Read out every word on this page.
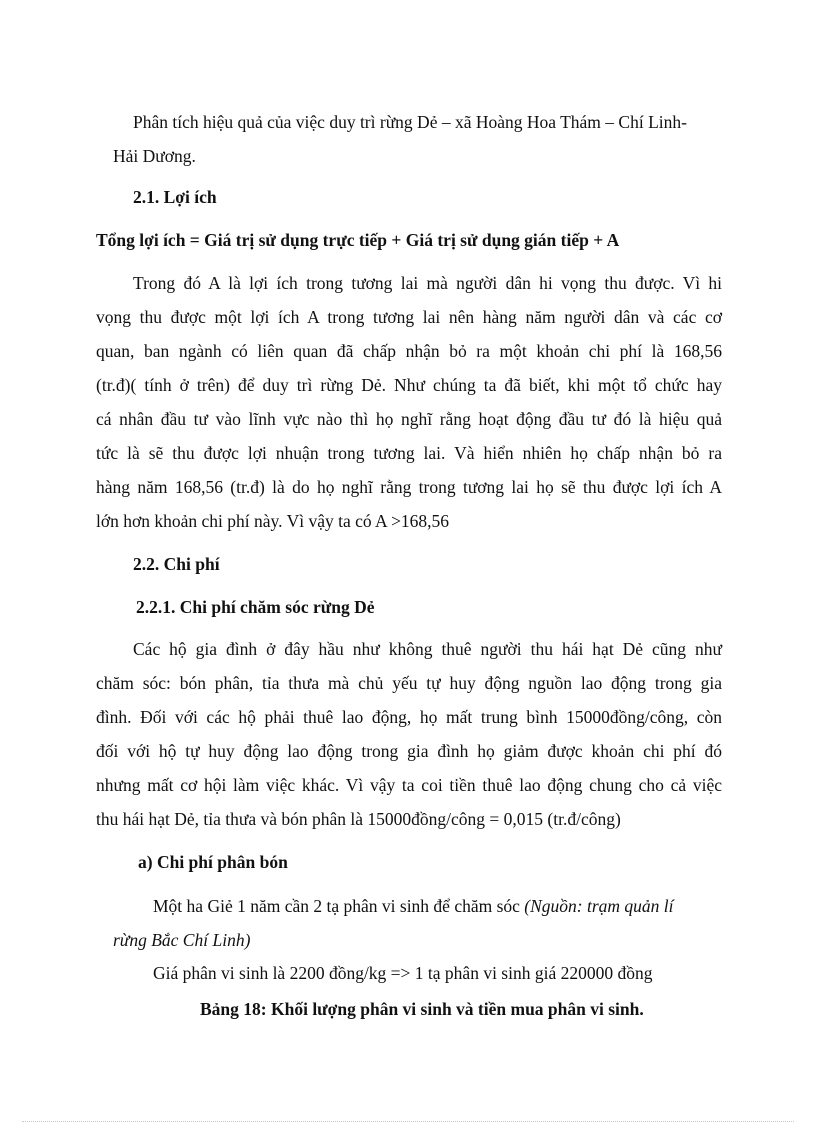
Phân tích hiệu quả của việc duy trì rừng Dẻ – xã Hoàng Hoa Thám – Chí Linh-
Hải Dương.
2.1. Lợi ích
Tổng lợi ích = Giá trị sử dụng trực tiếp + Giá trị sử dụng gián tiếp + A
Trong đó A là lợi ích trong tương lai mà người dân hi vọng thu được. Vì hi
vọng thu được một lợi ích A trong tương lai nên hàng năm người dân và các cơ
quan, ban ngành có liên quan đã chấp nhận bỏ ra một khoản chi phí là 168,56
(tr.đ)( tính ở trên) để duy trì rừng Dẻ. Như chúng ta đã biết, khi một tổ chức hay
cá nhân đầu tư vào lĩnh vực nào thì họ nghĩ rằng hoạt động đầu tư đó là hiệu quả
tức là sẽ thu được lợi nhuận trong tương lai. Và hiển nhiên họ chấp nhận bỏ ra
hàng năm 168,56 (tr.đ) là do họ nghĩ rằng trong tương lai họ sẽ thu được lợi ích A
lớn hơn khoản chi phí này. Vì vậy ta có A >168,56
2.2. Chi phí
2.2.1. Chi phí chăm sóc rừng Dẻ
Các hộ gia đình ở đây hầu như không thuê người thu hái hạt Dẻ cũng như
chăm sóc: bón phân, tỉa thưa mà chủ yếu tự huy động nguồn lao động trong gia
đình. Đối với các hộ phải thuê lao động, họ mất trung bình 15000đồng/công, còn
đối với hộ tự huy động lao động trong gia đình họ giảm được khoản chi phí đó
nhưng mất cơ hội làm việc khác. Vì vậy ta coi tiền thuê lao động chung cho cả việc
thu hái hạt Dẻ, tỉa thưa và bón phân là 15000đồng/công = 0,015 (tr.đ/công)
a) Chi phí phân bón
Một ha Giẻ 1 năm cần 2 tạ phân vi sinh để chăm sóc (Nguồn: trạm quản lí
rừng Bắc Chí Linh)
Giá phân vi sinh là 2200 đồng/kg => 1 tạ phân vi sinh giá 220000 đồng
Bảng 18: Khối lượng phân vi sinh và tiền mua phân vi sinh.
